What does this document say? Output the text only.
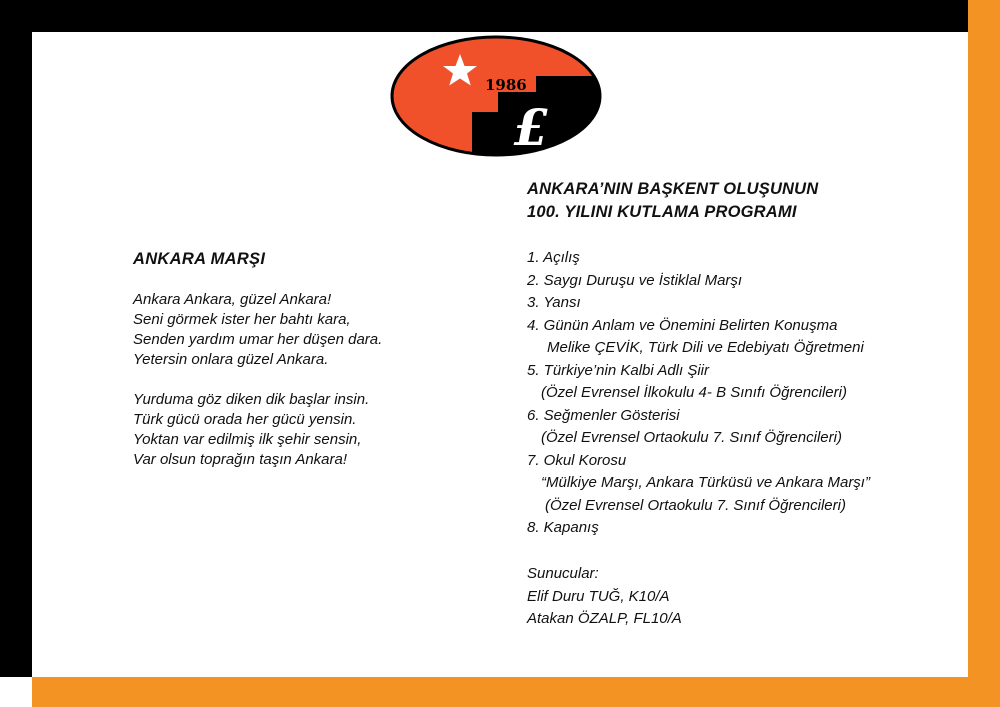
1986
£
ANKARA MARŞI
Ankara Ankara, güzel Ankara!
Seni görmek ister her bahtı kara,
Senden yardım umar her düşen dara.
Yetersin onlara güzel Ankara.
Yurduma göz diken dik başlar insin.
Türk gücü orada her gücü yensin.
Yoktan var edilmiş ilk şehir sensin,
Var olsun toprağın taşın Ankara!
ANKARA’NIN BAŞKENT OLUŞUNUN
100. YILINI KUTLAMA PROGRAMI
1. Açılış
2. Saygı Duruşu ve İstiklal Marşı
3. Yansı
4. Günün Anlam ve Önemini Belirten Konuşma
Melike ÇEVİK, Türk Dili ve Edebiyatı Öğretmeni
5. Türkiye’nin Kalbi Adlı Şiir
(Özel Evrensel İlkokulu 4- B Sınıfı Öğrencileri)
6. Seğmenler Gösterisi
(Özel Evrensel Ortaokulu 7. Sınıf Öğrencileri)
7. Okul Korosu
“Mülkiye Marşı, Ankara Türküsü ve Ankara Marşı”
(Özel Evrensel Ortaokulu 7. Sınıf Öğrencileri)
8. Kapanış
Sunucular:
Elif Duru TUĞ, K10/A
Atakan ÖZALP, FL10/A
